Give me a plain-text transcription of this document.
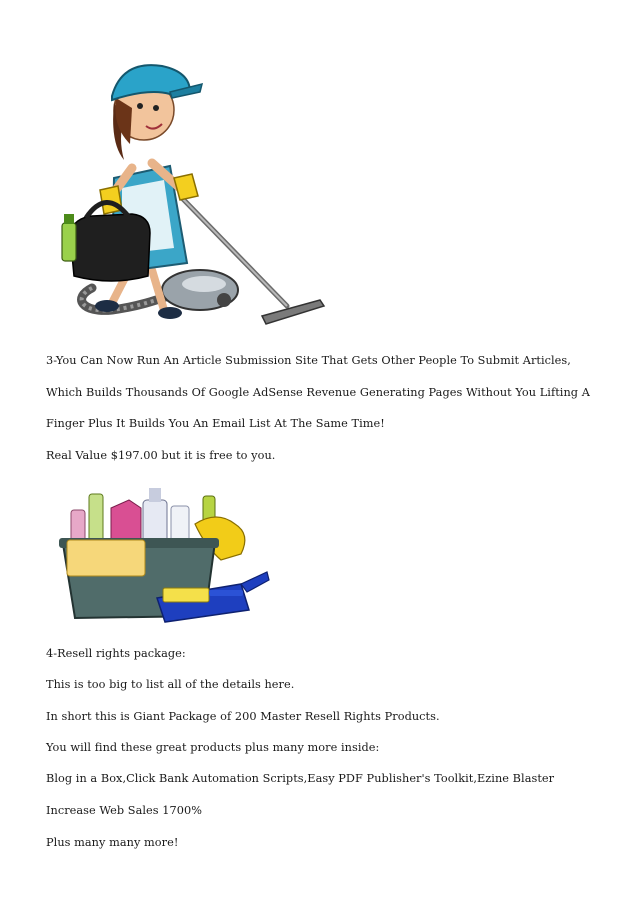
3-You Can Now Run An Article Submission Site That Gets Other People To Submit Articles,
Which Builds Thousands Of Google AdSense Revenue Generating Pages Without You Lifting A
Finger Plus It Builds You An Email List At The Same Time!
Real Value $197.00 but it is free to you.
4-Resell rights package:
This is too big to list all of the details here.
In short this is Giant Package of 200 Master Resell Rights Products.
You will find these great products plus many more inside:
Blog in a Box,Click Bank Automation Scripts,Easy PDF Publisher's Toolkit,Ezine Blaster
Increase Web Sales 1700%
Plus many many more!
